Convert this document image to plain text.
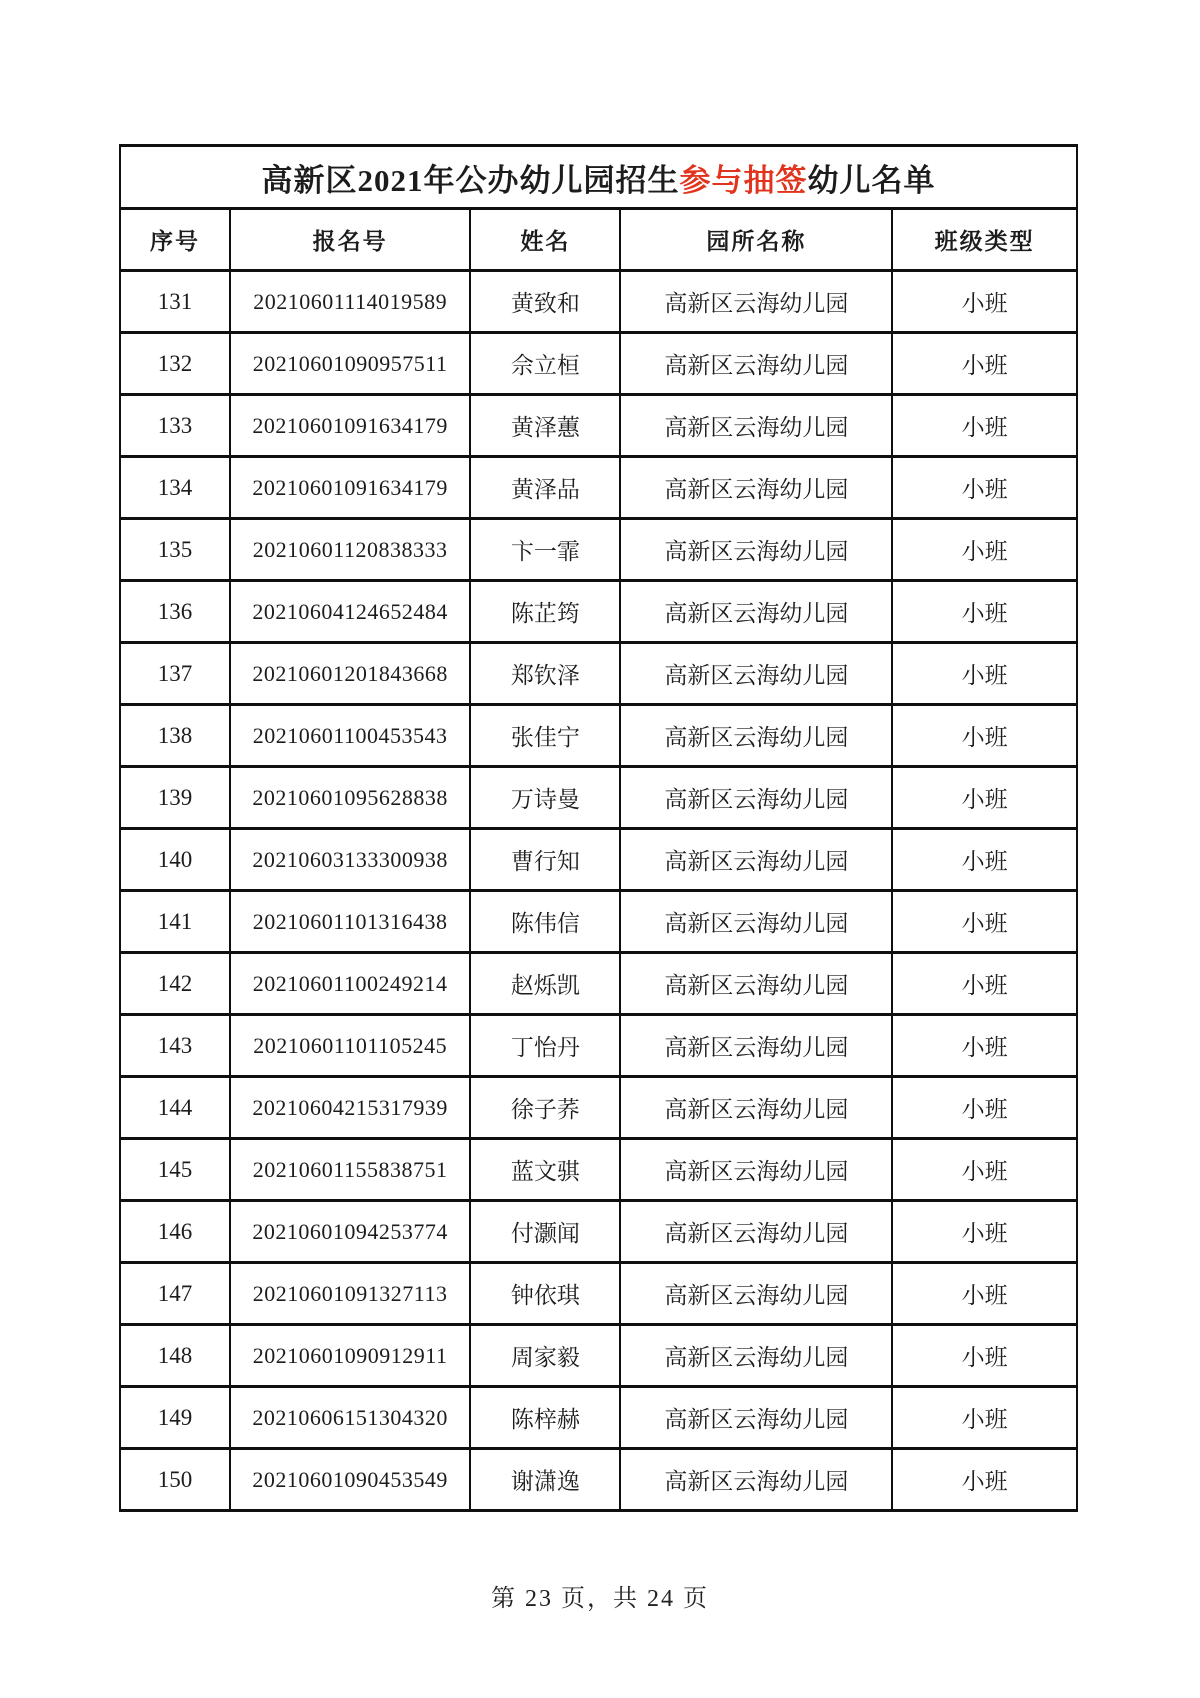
高新区2021年公办幼儿园招生参与抽签幼儿名单				
序号	报名号	姓名	园所名称	班级类型
131	20210601114019589	黄致和	高新区云海幼儿园	小班
132	20210601090957511	佘立桓	高新区云海幼儿园	小班
133	20210601091634179	黄泽蕙	高新区云海幼儿园	小班
134	20210601091634179	黄泽品	高新区云海幼儿园	小班
135	20210601120838333	卞一霏	高新区云海幼儿园	小班
136	20210604124652484	陈芷筠	高新区云海幼儿园	小班
137	20210601201843668	郑钦泽	高新区云海幼儿园	小班
138	20210601100453543	张佳宁	高新区云海幼儿园	小班
139	20210601095628838	万诗曼	高新区云海幼儿园	小班
140	20210603133300938	曹行知	高新区云海幼儿园	小班
141	20210601101316438	陈伟信	高新区云海幼儿园	小班
142	20210601100249214	赵烁凯	高新区云海幼儿园	小班
143	20210601101105245	丁怡丹	高新区云海幼儿园	小班
144	20210604215317939	徐子荞	高新区云海幼儿园	小班
145	20210601155838751	蓝文骐	高新区云海幼儿园	小班
146	20210601094253774	付灏闻	高新区云海幼儿园	小班
147	20210601091327113	钟依琪	高新区云海幼儿园	小班
148	20210601090912911	周家毅	高新区云海幼儿园	小班
149	20210606151304320	陈梓赫	高新区云海幼儿园	小班
150	20210601090453549	谢潇逸	高新区云海幼儿园	小班
第 23 页，共 24 页
